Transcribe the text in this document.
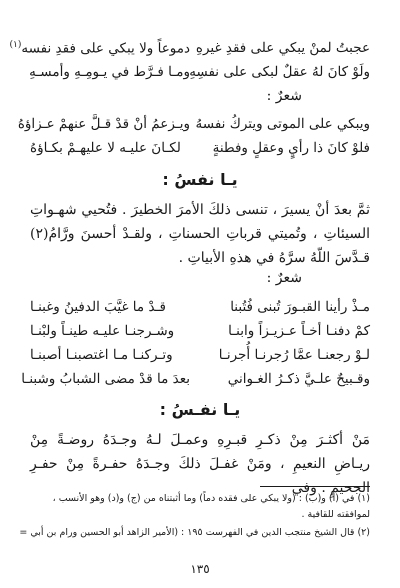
عجبتُ لمنْ يبكي على فقدِ غيرهِ
دموعاً ولا يبكي على فقدِ نفسه$^{(١)}$
ولَوْ كانَ لهُ عقلٌ لبكى على نفسِهِ
ومـا فـرَّط في يـومِـهِ وأمسـهِ
شعرٌ :
ويبكي على الموتى ويتركُ نفسهُ
ويـزعمُ أنْ قدْ قـلَّ عنهمْ عـزاؤهُ
فلوْ كانَ ذا رأيٍ وعقلٍ وفطنةٍ
لكـانَ عليـه لا عليهـمْ بكـاؤهُ
يـا نفسُ :
ثمَّ بعدَ أنْ يسيرَ ، تنسى ذلكَ الأمرَ الخطيرَ . فتُحيي شهـواتِ السيئاتِ ، وتُميتي قرباتِ الحسناتِ ، ولقـدْ أحسنَ ورَّامُ(٢) قـدَّسَ اللّهُ سرَّهُ في هذهِ الأبياتِ .
شعرٌ :
مـذْ رأينا القبـورَ تُبنى فُتُبنا
قـدْ ما غيَّبَ الدفينُ وغبنـا
كمْ دفنـا أخـاً عـزيـزاً وابنـا
وشـرجنـا عليـه طينـاً ولبْنـا
لـوْ رجعنـا عمَّا رُجرنـا أُجرنـا
وتـركنـا مـا اغتصبنـا أصبنـا
وقـبيحٌ علـيَّ ذكـرُ الغـواني
بعدَ ما قدْ مضى الشبابُ وشبنـا
يـا نفـسُ :
مَنْ أكثـرَ مِنْ ذكـرِ قبـرِهِ وعمـلَ لـهُ وجـدَهُ روضـةً مِنْ ريـاضِ النعيمِ ، ومَنْ غفـلَ ذلكَ وجـدَهُ حفـرةً مِنْ حفـرِ الجحيمِ . وفي
(١) في (أ) و(ب) : (ولا يبكي على فقده دماً) وما أثبتناه من (ج) و(د) وهو الأنسب ،
لموافقته للقافية .
(٢) قال الشيخ منتجب الدين في الفهرست ١٩٥ : (الأمير الزاهد أبو الحسين ورام بن أبي =
١٣٥
